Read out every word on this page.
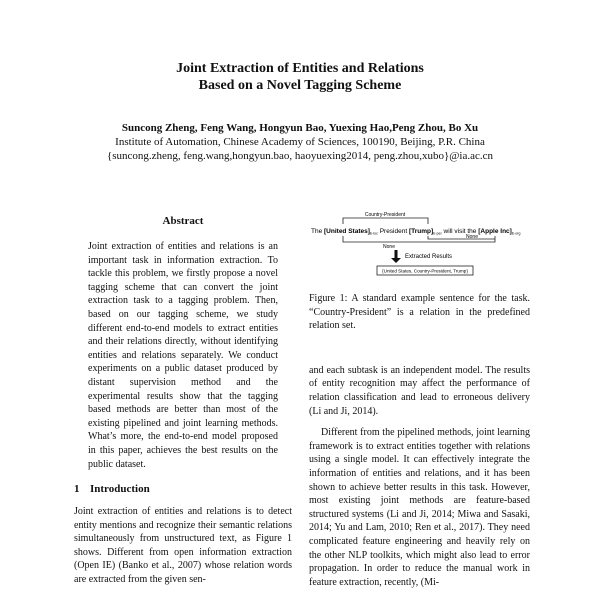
Joint Extraction of Entities and Relations
Based on a Novel Tagging Scheme
Suncong Zheng, Feng Wang, Hongyun Bao, Yuexing Hao,Peng Zhou, Bo Xu
Institute of Automation, Chinese Academy of Sciences, 100190, Beijing, P.R. China
{suncong.zheng, feng.wang,hongyun.bao, haoyuexing2014, peng.zhou,xubo}@ia.ac.cn
Abstract

Joint extraction of entities and relations is an important task in information extraction. To tackle this problem, we firstly propose a novel tagging scheme that can convert the joint extraction task to a tagging problem. Then, based on our tagging scheme, we study different end-to-end models to extract entities and their relations directly, without identifying entities and relations separately. We conduct experiments on a public dataset produced by distant supervision method and the experimental results show that the tagging based methods are better than most of the existing pipelined and joint learning methods. What’s more, the end-to-end model proposed in this paper, achieves the best results on the public dataset.

1 Introduction

Joint extraction of entities and relations is to detect entity mentions and recognize their semantic relations simultaneously from unstructured text, as Figure 1 shows. Different from open information extraction (Open IE) (Banko et al., 2007) whose relation words are extracted from the given sen-

Country-President
The [United $States]_{E-loc}$ President $[Trump]_{E-per}$ will visit the [Apple $Inc]_{E-org}$
None
None
Extracted Results
{United States, Country-President, Trump}

Figure 1: A standard example sentence for the task. “Country-President” is a relation in the predefined relation set.

and each subtask is an independent model. The results of entity recognition may affect the performance of relation classification and lead to erroneous delivery (Li and Ji, 2014).

Different from the pipelined methods, joint learning framework is to extract entities together with relations using a single model. It can effectively integrate the information of entities and relations, and it has been shown to achieve better results in this task. However, most existing joint methods are feature-based structured systems (Li and Ji, 2014; Miwa and Sasaki, 2014; Yu and Lam, 2010; Ren et al., 2017). They need complicated feature engineering and heavily rely on the other NLP toolkits, which might also lead to error propagation. In order to reduce the manual work in feature extraction, recently, (Mi-
